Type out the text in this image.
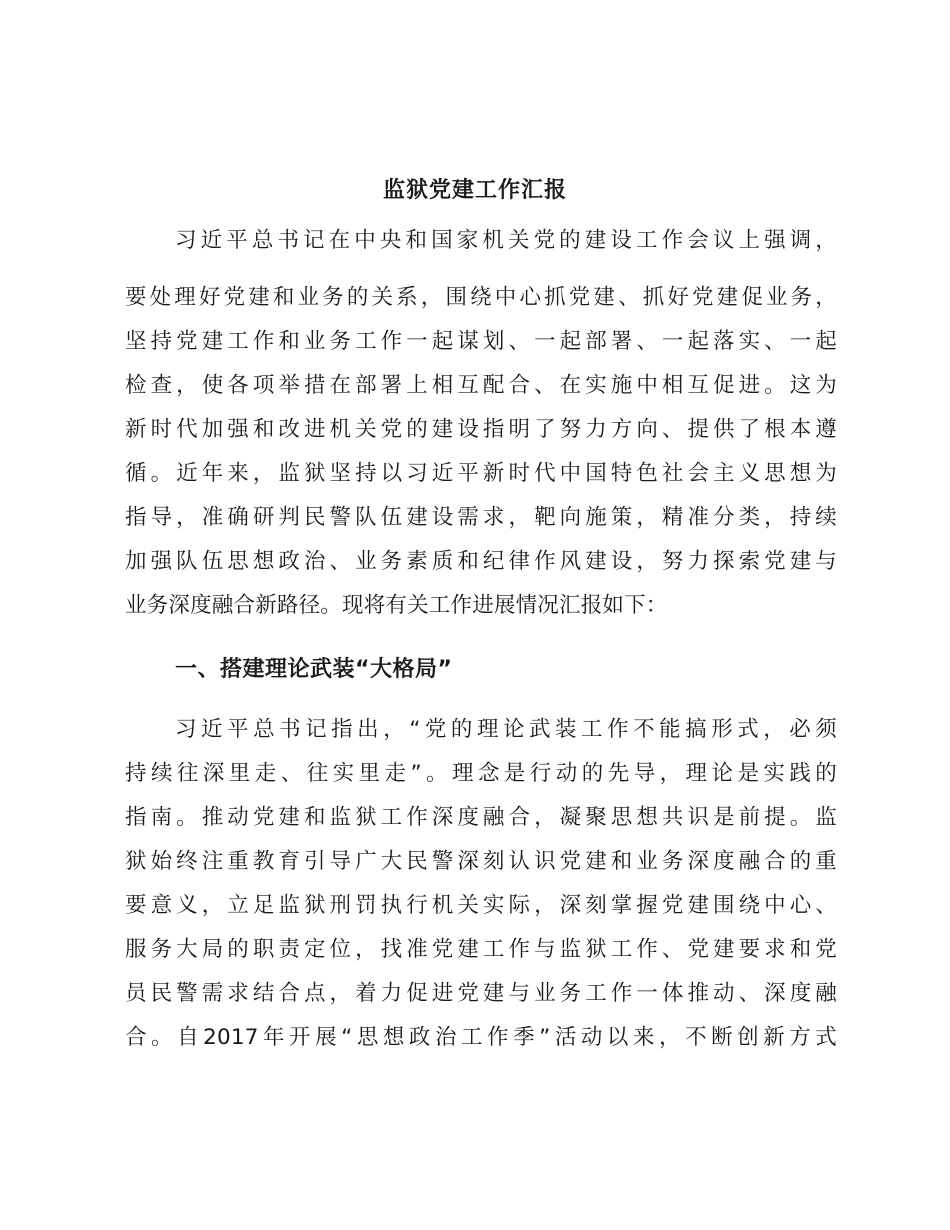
监狱党建工作汇报
习近平总书记在中央和国家机关党的建设工作会议上强调，
要处理好党建和业务的关系，围绕中心抓党建、抓好党建促业务，
坚持党建工作和业务工作一起谋划、一起部署、一起落实、一起
检查，使各项举措在部署上相互配合、在实施中相互促进。这为
新时代加强和改进机关党的建设指明了努力方向、提供了根本遵
循。近年来，监狱坚持以习近平新时代中国特色社会主义思想为
指导，准确研判民警队伍建设需求，靶向施策，精准分类，持续
加强队伍思想政治、业务素质和纪律作风建设，努力探索党建与
业务深度融合新路径。现将有关工作进展情况汇报如下：
一、搭建理论武装“大格局”
习近平总书记指出，“党的理论武装工作不能搞形式，必须
持续往深里走、往实里走”。理念是行动的先导，理论是实践的
指南。推动党建和监狱工作深度融合，凝聚思想共识是前提。监
狱始终注重教育引导广大民警深刻认识党建和业务深度融合的重
要意义，立足监狱刑罚执行机关实际，深刻掌握党建围绕中心、
服务大局的职责定位，找准党建工作与监狱工作、党建要求和党
员民警需求结合点，着力促进党建与业务工作一体推动、深度融
合。自2017年开展“思想政治工作季”活动以来，不断创新方式
